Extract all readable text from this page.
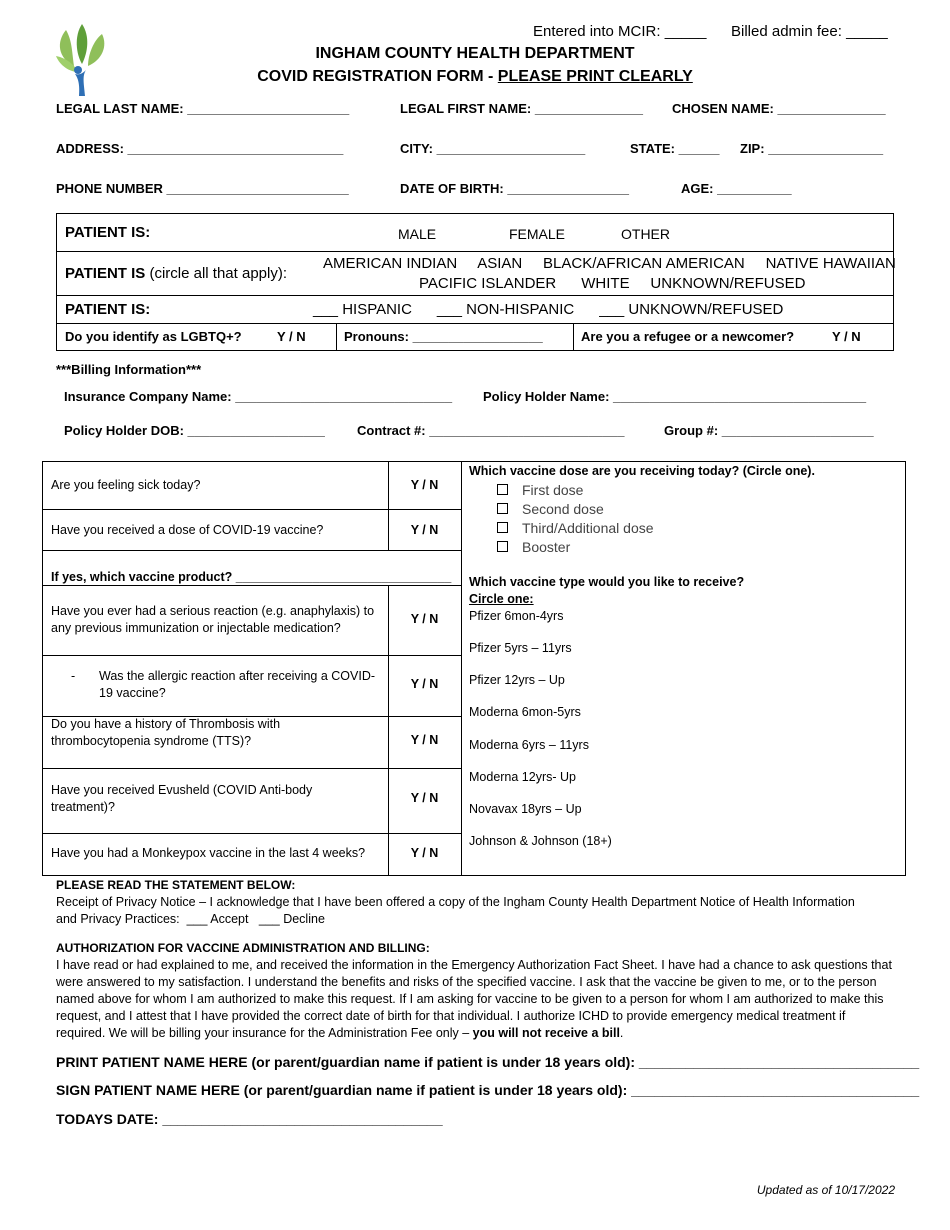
Entered into MCIR: _____ Billed admin fee: _____
INGHAM COUNTY HEALTH DEPARTMENT
COVID REGISTRATION FORM - PLEASE PRINT CLEARLY
LEGAL LAST NAME: ________________________	LEGAL FIRST NAME: ________________ CHOSEN NAME: ________________
ADDRESS: ________________________________	CITY: ______________________	STATE: ______ ZIP: _________________
PHONE NUMBER ___________________________	DATE OF BIRTH: __________________	AGE: ___________
PATIENT IS:	MALE	FEMALE	OTHER
PATIENT IS (circle all that apply):
AMERICAN INDIAN     ASIAN     BLACK/AFRICAN AMERICAN     NATIVE HAWAIIAN
PACIFIC ISLANDER      WHITE     UNKNOWN/REFUSED
PATIENT IS:	___ HISPANIC      ___ NON-HISPANIC      ___ UNKNOWN/REFUSED
Do you identify as LGBTQ+?	Y / N	Pronouns: __________________	Are you a refugee or a newcomer?	Y / N
***Billing Information***
Insurance Company Name: ______________________________ Policy Holder Name: ___________________________________
Policy Holder DOB: ___________________ Contract #: ___________________________	Group #: _____________________
Are you feeling sick today?	Y / N
Have you received a dose of COVID-19 vaccine?	Y / N
If yes, which vaccine product? _______________________________
Have you ever had a serious reaction (e.g. anaphylaxis) to any previous immunization or injectable medication?
Y / N
- Was the allergic reaction after receiving a COVID-19 vaccine?
Y / N
Do you have a history of Thrombosis with thrombocytopenia syndrome (TTS)?	Y / N
Have you received Evusheld (COVID Anti-body treatment)?
Y / N
Have you had a Monkeypox vaccine in the last 4 weeks?	Y / N
Which vaccine dose are you receiving today? (Circle one).
First dose
Second dose
Third/Additional dose
Booster
Which vaccine type would you like to receive?
Circle one:
Pfizer 6mon-4yrs
Pfizer 5yrs – 11yrs
Pfizer 12yrs – Up
Moderna 6mon-5yrs
Moderna 6yrs – 11yrs
Moderna 12yrs- Up
Novavax 18yrs – Up
Johnson & Johnson (18+)
PLEASE READ THE STATEMENT BELOW:
Receipt of Privacy Notice – I acknowledge that I have been offered a copy of the Ingham County Health Department Notice of Health Information
and Privacy Practices:  ___ Accept   ___ Decline
AUTHORIZATION FOR VACCINE ADMINISTRATION AND BILLING:
I have read or had explained to me, and received the information in the Emergency Authorization Fact Sheet. I have had a chance to ask questions that were answered to my satisfaction. I understand the benefits and risks of the specified vaccine. I ask that the vaccine be given to me, or to the person named above for whom I am authorized to make this request. If I am asking for vaccine to be given to a person for whom I am authorized to make this request, and I attest that I have provided the correct date of birth for that individual. I authorize ICHD to provide emergency medical treatment if required. We will be billing your insurance for the Administration Fee only – you will not receive a bill.
PRINT PATIENT NAME HERE (or parent/guardian name if patient is under 18 years old): ____________________________________
SIGN PATIENT NAME HERE (or parent/guardian name if patient is under 18 years old): _____________________________________
TODAYS DATE: ____________________________________
Updated as of 10/17/2022
